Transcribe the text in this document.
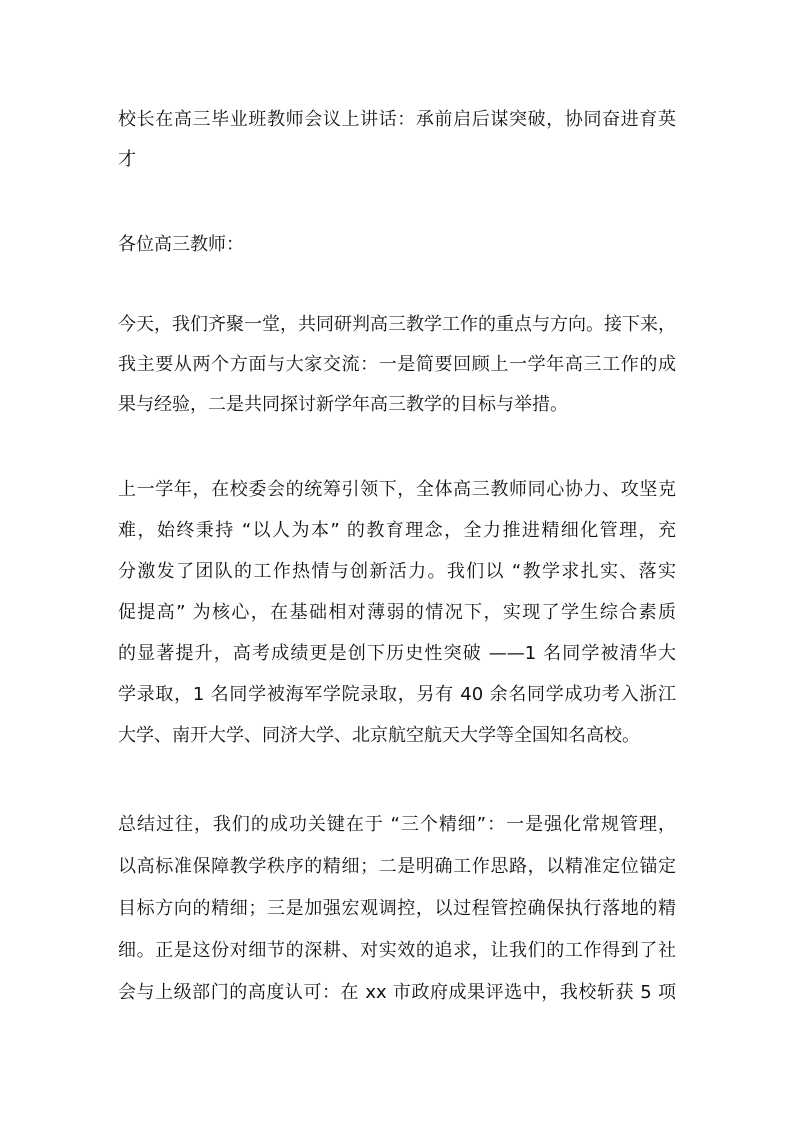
校长在高三毕业班教师会议上讲话：承前启后谋突破，协同奋进育英
才
各位高三教师：
今天，我们齐聚一堂，共同研判高三教学工作的重点与方向。接下来，
我主要从两个方面与大家交流：一是简要回顾上一学年高三工作的成
果与经验，二是共同探讨新学年高三教学的目标与举措。
上一学年，在校委会的统筹引领下，全体高三教师同心协力、攻坚克
难，始终秉持 “以人为本” 的教育理念，全力推进精细化管理，充
分激发了团队的工作热情与创新活力。我们以 “教学求扎实、落实
促提高” 为核心，在基础相对薄弱的情况下，实现了学生综合素质
的显著提升，高考成绩更是创下历史性突破 ——1 名同学被清华大
学录取，1 名同学被海军学院录取，另有 40 余名同学成功考入浙江
大学、南开大学、同济大学、北京航空航天大学等全国知名高校。
总结过往，我们的成功关键在于 “三个精细”：一是强化常规管理，
以高标准保障教学秩序的精细；二是明确工作思路，以精准定位锚定
目标方向的精细；三是加强宏观调控，以过程管控确保执行落地的精
细。正是这份对细节的深耕、对实效的追求，让我们的工作得到了社
会与上级部门的高度认可：在 xx 市政府成果评选中，我校斩获 5 项
